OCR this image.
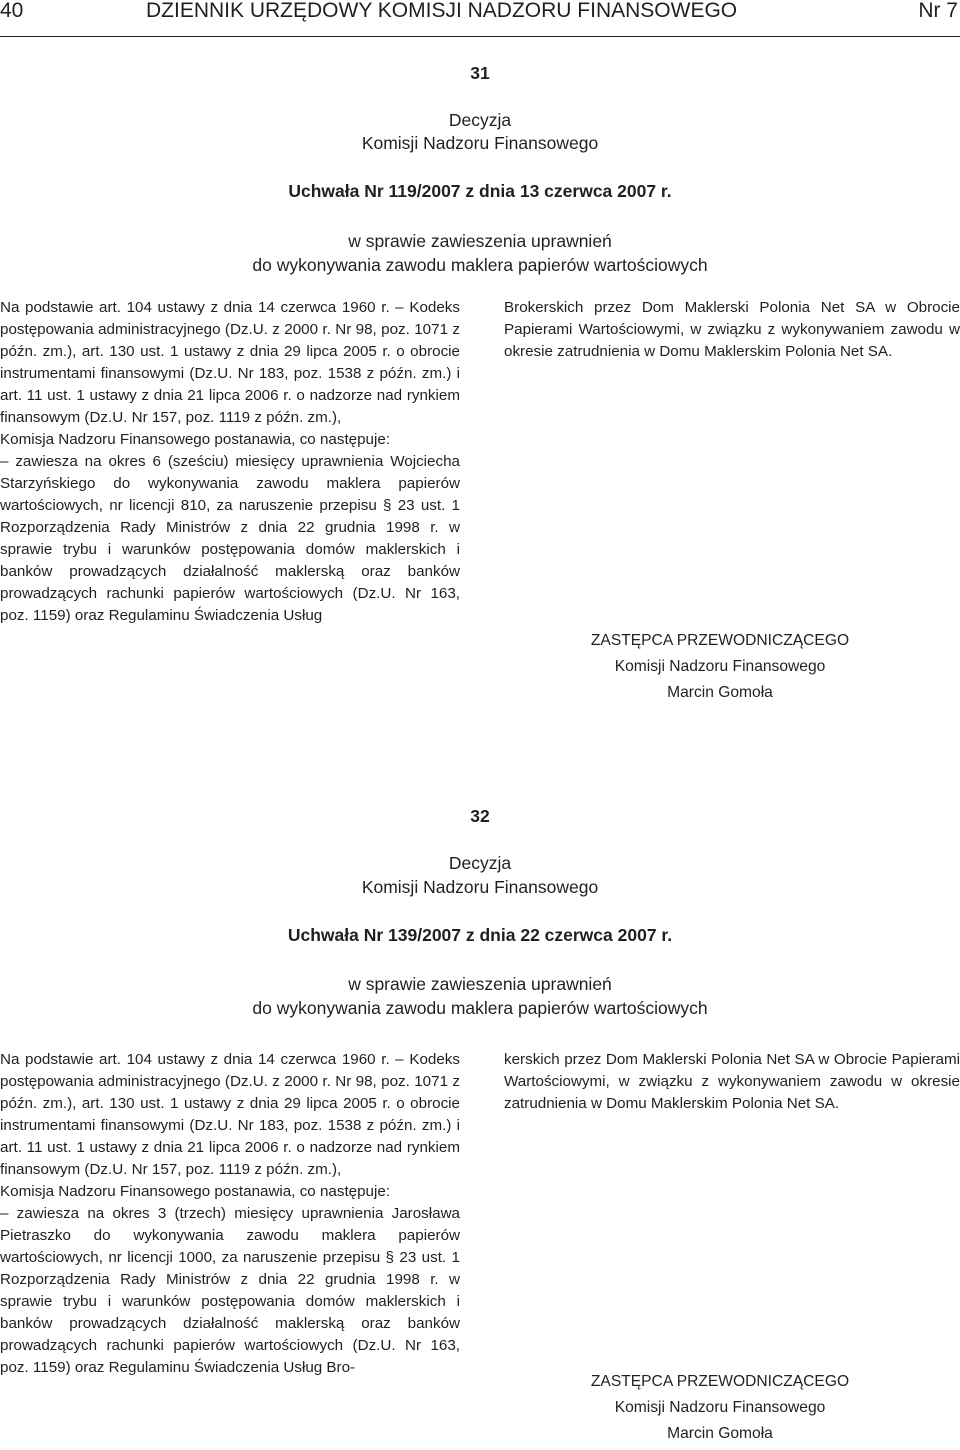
40	DZIENNIK URZĘDOWY KOMISJI NADZORU FINANSOWEGO	Nr 7
31
Decyzja
Komisji Nadzoru Finansowego
Uchwała Nr 119/2007 z dnia 13 czerwca 2007 r.
w sprawie zawieszenia uprawnień
do wykonywania zawodu maklera papierów wartościowych

Na podstawie art. 104 ustawy z dnia 14 czerwca 1960 r. – Kodeks postępowania administracyjnego (Dz.U. z 2000 r. Nr 98, poz. 1071 z późn. zm.), art. 130 ust. 1 ustawy z dnia 29 lipca 2005 r. o obrocie instrumentami finansowymi (Dz.U. Nr 183, poz. 1538 z późn. zm.) i art. 11 ust. 1 ustawy z dnia 21 lipca 2006 r. o nadzorze nad rynkiem finansowym (Dz.U. Nr 157, poz. 1119 z późn. zm.),

Komisja Nadzoru Finansowego postanawia, co następuje:

– zawiesza na okres 6 (sześciu) miesięcy uprawnienia Wojciecha Starzyńskiego do wykonywania zawodu maklera papierów wartościowych, nr licencji 810, za naruszenie przepisu § 23 ust. 1 Rozporządzenia Rady Ministrów z dnia 22 grudnia 1998 r. w sprawie trybu i warunków postępowania domów maklerskich i banków prowadzących działalność maklerską oraz banków prowadzących rachunki papierów wartościowych (Dz.U. Nr 163, poz. 1159) oraz Regulaminu Świadczenia Usług

Brokerskich przez Dom Maklerski Polonia Net SA w Obrocie Papierami Wartościowymi, w związku z wykonywaniem zawodu w okresie zatrudnienia w Domu Maklerskim Polonia Net SA.

ZASTĘPCA PRZEWODNICZĄCEGO
Komisji Nadzoru Finansowego
Marcin Gomoła
32
Decyzja
Komisji Nadzoru Finansowego
Uchwała Nr 139/2007 z dnia 22 czerwca 2007 r.
w sprawie zawieszenia uprawnień
do wykonywania zawodu maklera papierów wartościowych

Na podstawie art. 104 ustawy z dnia 14 czerwca 1960 r. – Kodeks postępowania administracyjnego (Dz.U. z 2000 r. Nr 98, poz. 1071 z późn. zm.), art. 130 ust. 1 ustawy z dnia 29 lipca 2005 r. o obrocie instrumentami finansowymi (Dz.U. Nr 183, poz. 1538 z późn. zm.) i art. 11 ust. 1 ustawy z dnia 21 lipca 2006 r. o nadzorze nad rynkiem finansowym (Dz.U. Nr 157, poz. 1119 z późn. zm.),

Komisja Nadzoru Finansowego postanawia, co następuje:

– zawiesza na okres 3 (trzech) miesięcy uprawnienia Jarosława Pietraszko do wykonywania zawodu maklera papierów wartościowych, nr licencji 1000, za naruszenie przepisu § 23 ust. 1 Rozporządzenia Rady Ministrów z dnia 22 grudnia 1998 r. w sprawie trybu i warunków postępowania domów maklerskich i banków prowadzących działalność maklerską oraz banków prowadzących rachunki papierów wartościowych (Dz.U. Nr 163, poz. 1159) oraz Regulaminu Świadczenia Usług Bro-

kerskich przez Dom Maklerski Polonia Net SA w Obrocie Papierami Wartościowymi, w związku z wykonywaniem zawodu w okresie zatrudnienia w Domu Maklerskim Polonia Net SA.

ZASTĘPCA PRZEWODNICZĄCEGO
Komisji Nadzoru Finansowego
Marcin Gomoła
